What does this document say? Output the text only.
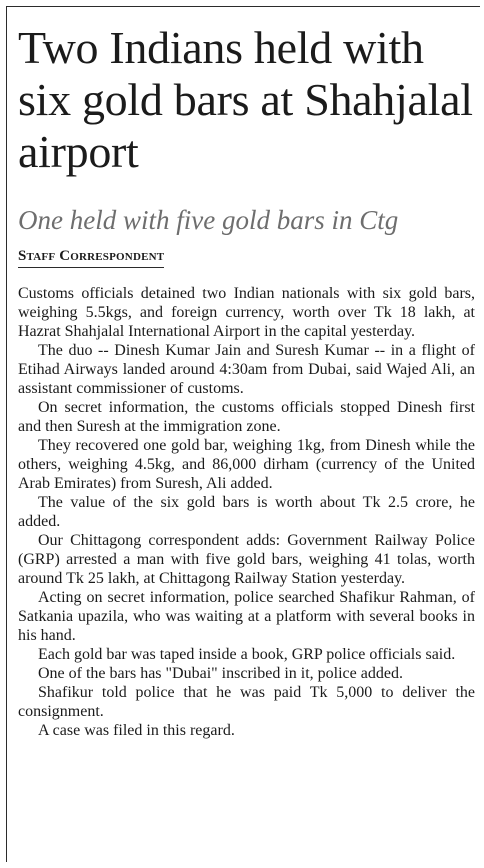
Two Indians held with six gold bars at Shahjalal airport
One held with five gold bars in Ctg
Staff Correspondent

Customs officials detained two Indian nationals with six gold bars, weighing 5.5kgs, and foreign currency, worth over Tk 18 lakh, at Hazrat Shahjalal International Airport in the capital yesterday.

The duo -- Dinesh Kumar Jain and Suresh Kumar -- in a flight of Etihad Airways landed around 4:30am from Dubai, said Wajed Ali, an assistant commissioner of customs.

On secret information, the customs officials stopped Dinesh first and then Suresh at the immigration zone.

They recovered one gold bar, weighing 1kg, from Dinesh while the others, weighing 4.5kg, and 86,000 dirham (currency of the United Arab Emirates) from Suresh, Ali added.

The value of the six gold bars is worth about Tk 2.5 crore, he added.

Our Chittagong correspondent adds: Government Railway Police (GRP) arrested a man with five gold bars, weighing 41 tolas, worth around Tk 25 lakh, at Chittagong Railway Station yesterday.

Acting on secret information, police searched Shafikur Rahman, of Satkania upazila, who was waiting at a platform with several books in his hand.

Each gold bar was taped inside a book, GRP police officials said.

One of the bars has "Dubai" inscribed in it, police added.

Shafikur told police that he was paid Tk 5,000 to deliver the consignment.

A case was filed in this regard.
